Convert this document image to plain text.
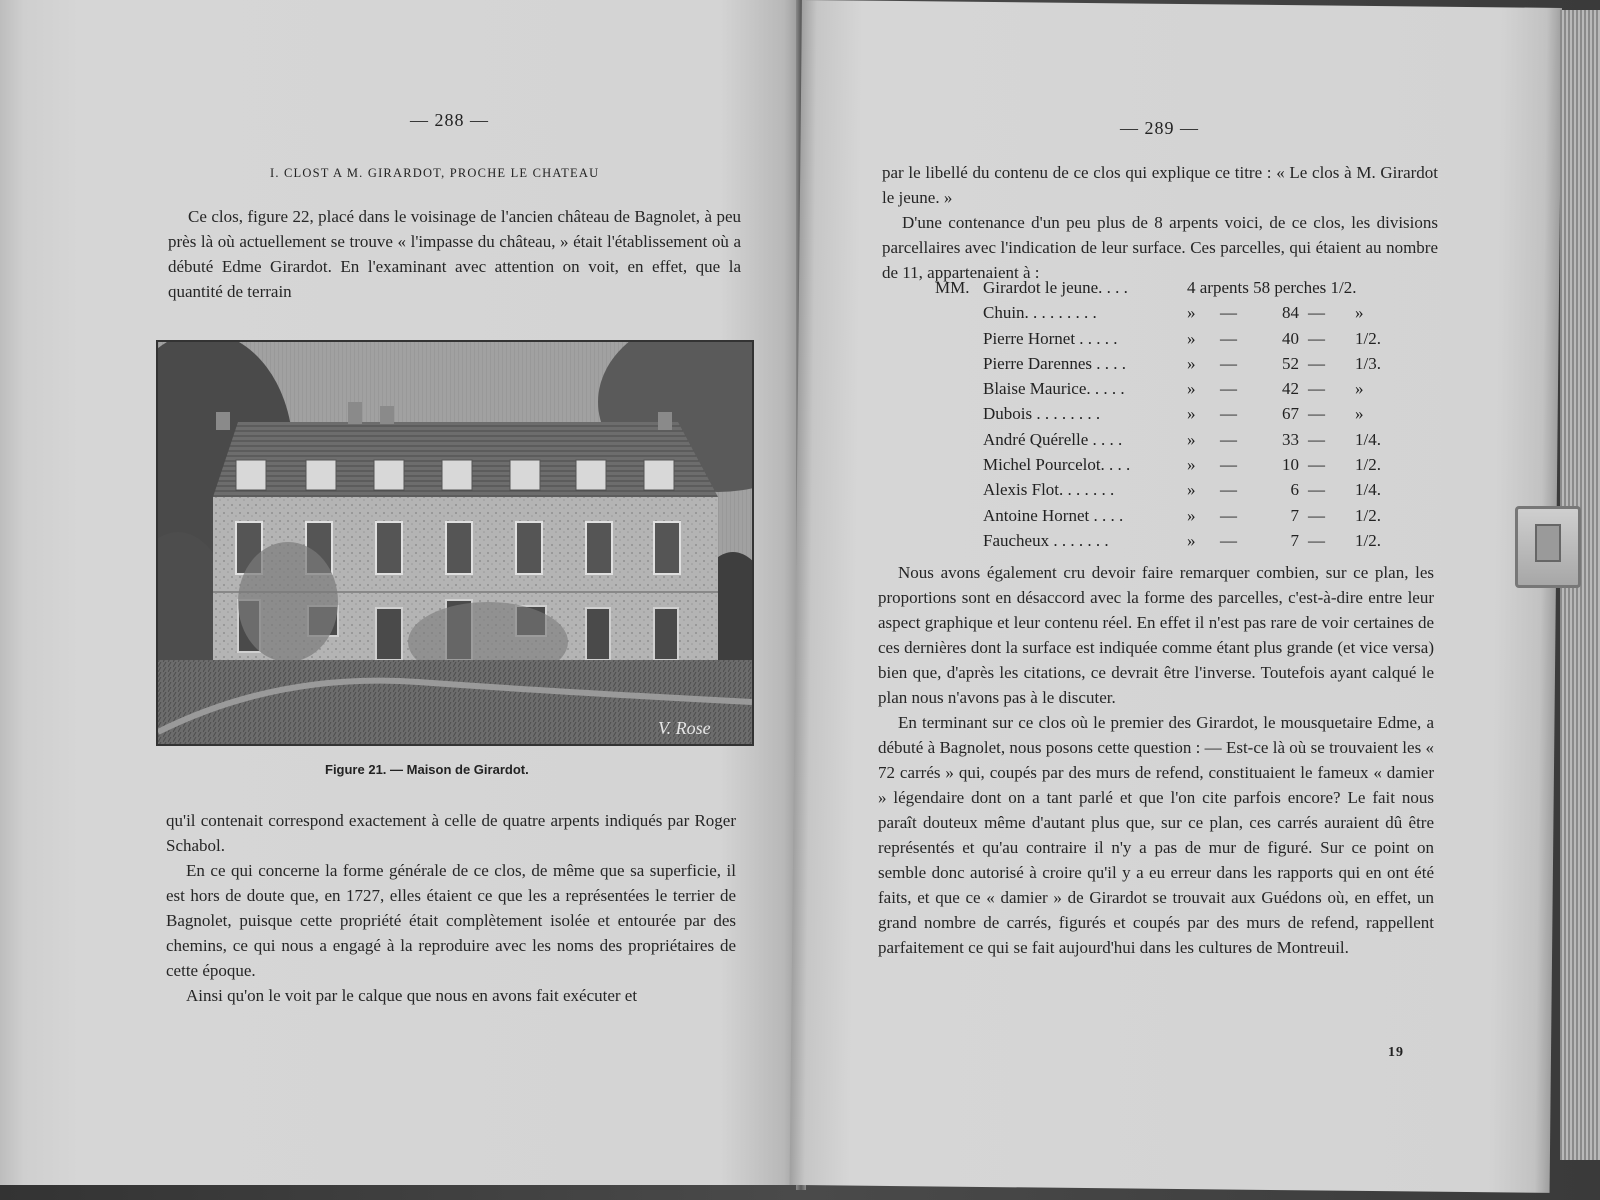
— 288 —
I. CLOST A M. GIRARDOT, PROCHE LE CHATEAU

Ce clos, figure 22, placé dans le voisinage de l'ancien château de Bagnolet, à peu près là où actuellement se trouve « l'impasse du château, » était l'établissement où a débuté Edme Girardot. En l'examinant avec attention on voit, en effet, que la quantité de terrain

V. Rose
Figure 21. — Maison de Girardot.

qu'il contenait correspond exactement à celle de quatre arpents indiqués par Roger Schabol.

En ce qui concerne la forme générale de ce clos, de même que sa superficie, il est hors de doute que, en 1727, elles étaient ce que les a représentées le terrier de Bagnolet, puisque cette propriété était complètement isolée et entourée par des chemins, ce qui nous a engagé à la reproduire avec les noms des propriétaires de cette époque.

Ainsi qu'on le voit par le calque que nous en avons fait exécuter et

— 289 —

par le libellé du contenu de ce clos qui explique ce titre : « Le clos à M. Girardot le jeune. »

D'une contenance d'un peu plus de 8 arpents voici, de ce clos, les divisions parcellaires avec l'indication de leur surface. Ces parcelles, qui étaient au nombre de 11, appartenaient à :

MM. Girardot le jeune. . . .	4 arpents 58 perches 1/2.
Chuin. . . . . . . . .	» —	84 — »
Pierre Hornet . . . . .	» —	40 — 1/2.
Pierre Darennes . . . .	» —	52 — 1/3.
Blaise Maurice. . . . .	» —	42 — »
Dubois . . . . . . . .	» —	67 — »
André Quérelle . . . .	» —	33 — 1/4.
Michel Pourcelot. . . .	» —	10 — 1/2.
Alexis Flot. . . . . . .	» —	6 — 1/4.
Antoine Hornet . . . .	» —	7 — 1/2.
Faucheux . . . . . . .	» —	7 — 1/2.

Nous avons également cru devoir faire remarquer combien, sur ce plan, les proportions sont en désaccord avec la forme des parcelles, c'est-à-dire entre leur aspect graphique et leur contenu réel. En effet il n'est pas rare de voir certaines de ces dernières dont la surface est indiquée comme étant plus grande (et vice versa) bien que, d'après les citations, ce devrait être l'inverse. Toutefois ayant calqué le plan nous n'avons pas à le discuter.

En terminant sur ce clos où le premier des Girardot, le mousquetaire Edme, a débuté à Bagnolet, nous posons cette question : — Est-ce là où se trouvaient les « 72 carrés » qui, coupés par des murs de refend, constituaient le fameux « damier » légendaire dont on a tant parlé et que l'on cite parfois encore? Le fait nous paraît douteux même d'autant plus que, sur ce plan, ces carrés auraient dû être représentés et qu'au contraire il n'y a pas de mur de figuré. Sur ce point on semble donc autorisé à croire qu'il y a eu erreur dans les rapports qui en ont été faits, et que ce « damier » de Girardot se trouvait aux Guédons où, en effet, un grand nombre de carrés, figurés et coupés par des murs de refend, rappellent parfaitement ce qui se fait aujourd'hui dans les cultures de Montreuil.

19
